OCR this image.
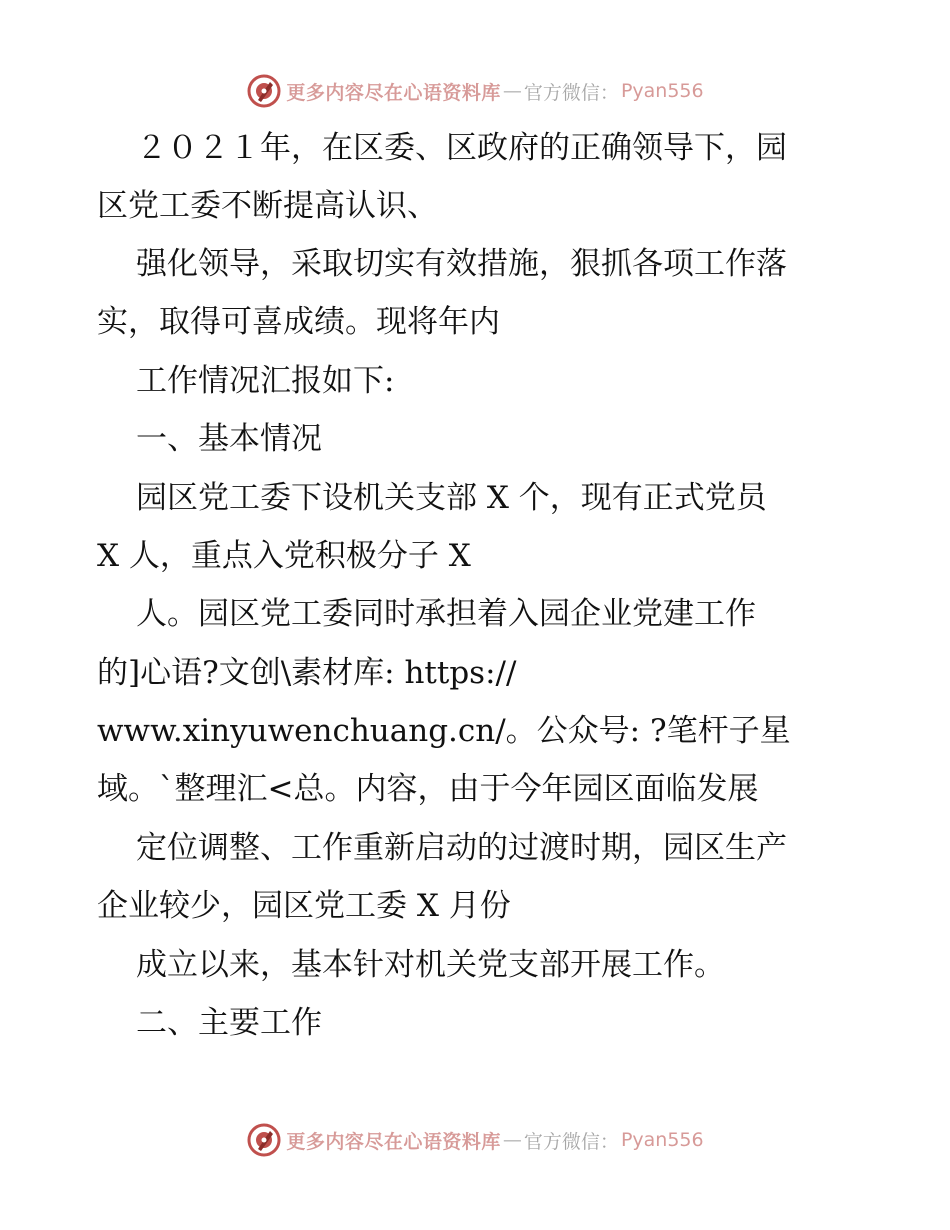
更多内容尽在心语资料库 — 官方微信： Pyan556
２０２１年，在区委、区政府的正确领导下，园
区党工委不断提高认识、
强化领导，采取切实有效措施，狠抓各项工作落
实，取得可喜成绩。现将年内
工作情况汇报如下:
一、基本情况
园区党工委下设机关支部 X 个，现有正式党员
X 人，重点入党积极分子 X
人。园区党工委同时承担着入园企业党建工作
的]心语?文创\素材库: https://
www.xinyuwenchuang.cn/。公众号: ?笔杆子星
域。`整理汇<总。内容，由于今年园区面临发展
定位调整、工作重新启动的过渡时期，园区生产
企业较少，园区党工委 X 月份
成立以来，基本针对机关党支部开展工作。
二、主要工作
更多内容尽在心语资料库 — 官方微信： Pyan556
